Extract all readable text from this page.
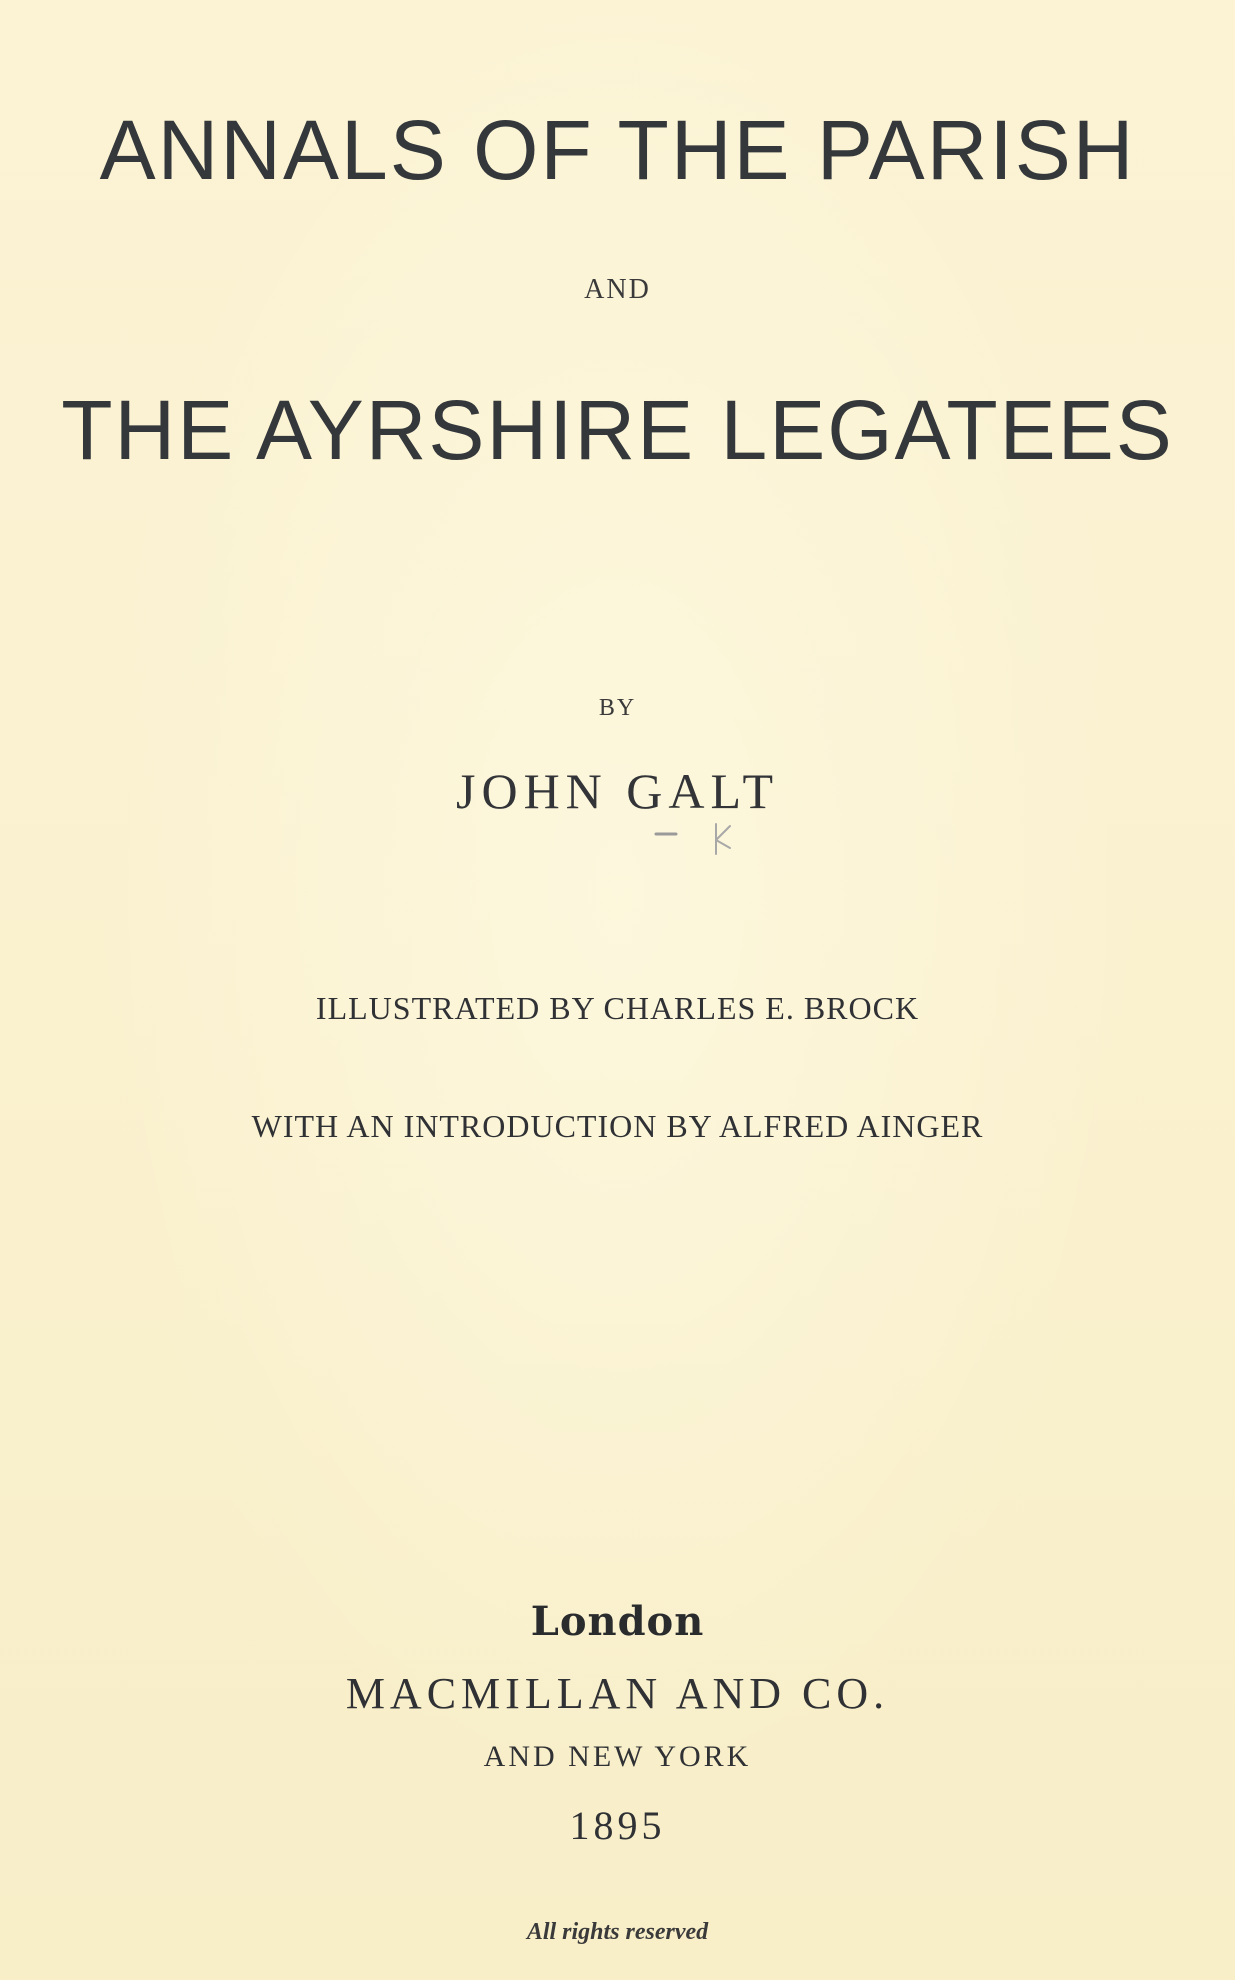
ANNALS OF THE PARISH
AND
THE AYRSHIRE LEGATEES
BY
JOHN GALT
ILLUSTRATED BY CHARLES E. BROCK
WITH AN INTRODUCTION BY ALFRED AINGER
London
MACMILLAN AND CO.
AND NEW YORK
1895
All rights reserved
